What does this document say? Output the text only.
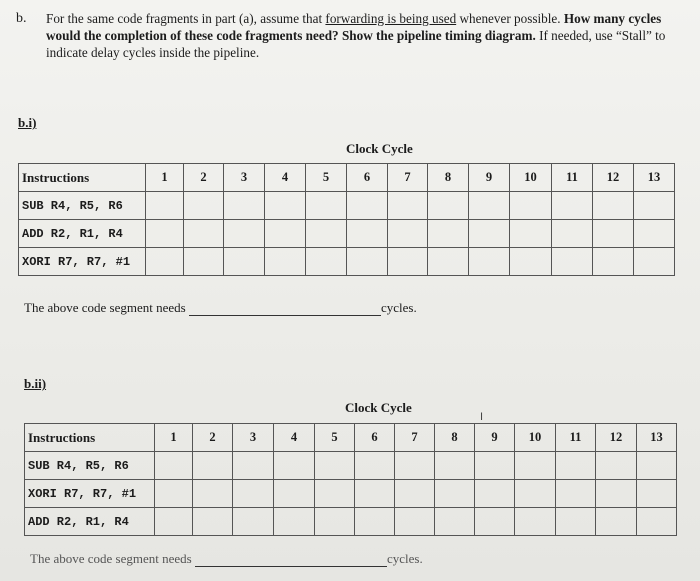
b. For the same code fragments in part (a), assume that forwarding is being used whenever possible. How many cycles would the completion of these code fragments need? Show the pipeline timing diagram. If needed, use “Stall” to indicate delay cycles inside the pipeline.
b.i)
Clock Cycle
Instructions	1	2	3	4	5	6	7	8	9	10	11	12	13
SUB R4, R5, R6													
ADD R2, R1, R4													
XORI R7, R7, #1													
The above code segment needs	cycles.
b.ii)
Clock Cycle
I
Instructions	1	2	3	4	5	6	7	8	9	10	11	12	13
SUB R4, R5, R6													
XORI R7, R7, #1													
ADD R2, R1, R4													
The above code segment needs	cycles.
